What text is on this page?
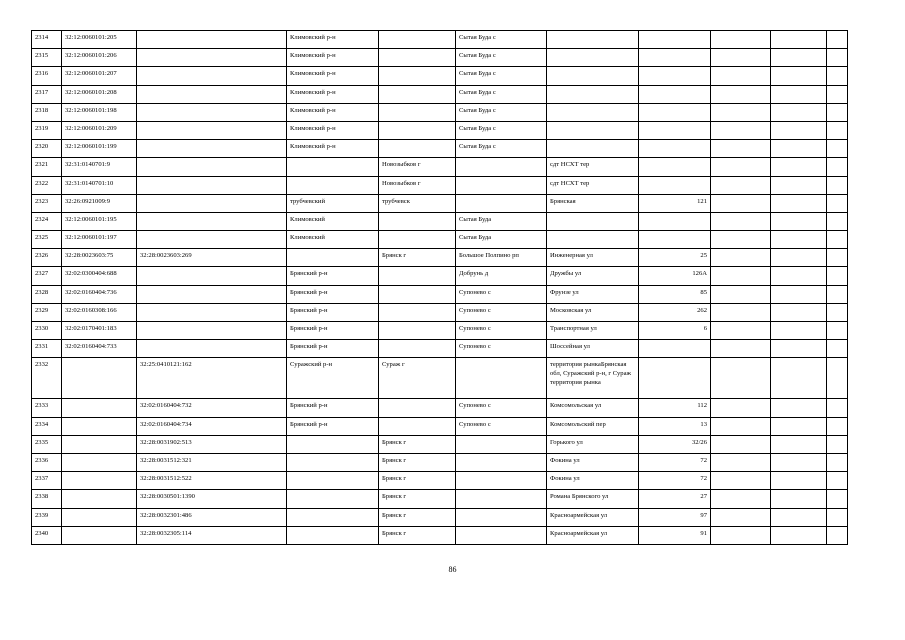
2314	32:12:0060101:205		Климовский р-н		Сытая Буда с					
2315	32:12:0060101:206		Климовский р-н		Сытая Буда с					
2316	32:12:0060101:207		Климовский р-н		Сытая Буда с					
2317	32:12:0060101:208		Климовский р-н		Сытая Буда с					
2318	32:12:0060101:198		Климовский р-н		Сытая Буда с					
2319	32:12:0060101:209		Климовский р-н		Сытая Буда с					
2320	32:12:0060101:199		Климовский р-н		Сытая Буда с					
2321	32:31:0140701:9			Новозыбков г		сдт НСХТ тер				
2322	32:31:0140701:10			Новозыбков г		сдт НСХТ тер				
2323	32:26:0921009:9		трубчевский	трубчевск		Брянская	121			
2324	32:12:0060101:195		Климовский		Сытая Буда					
2325	32:12:0060101:197		Климовский		Сытая Буда					
2326	32:28:0023603:75	32:28:0023603:269		Брянск г	Большое Полпино рп	Инженерная ул	25			
2327	32:02:0300404:688		Брянский р-н		Добрунь д	Дружбы ул	126А			
2328	32:02:0160404:736		Брянский р-н		Супонево с	Фрунзе ул	85			
2329	32:02:0160308:166		Брянский р-н		Супонево с	Московская ул	262			
2330	32:02:0170401:183		Брянский р-н		Супонево с	Транспортная ул	6			
2331	32:02:0160404:733		Брянский р-н		Супонево с	Шоссейная ул				
2332		32:25:0410121:162	Суражский р-н	Сураж г		территория рынкаБрянская обл, Суражский р-н, г Сураж территория рынка				
2333		32:02:0160404:732	Брянский р-н		Супонево с	Комсомольская ул	112			
2334		32:02:0160404:734	Брянский р-н		Супонево с	Комсомольский пер	13			
2335		32:28:0031902:513		Брянск г		Горького ул	32/26			
2336		32:28:0031512:321		Брянск г		Фокина ул	72			
2337		32:28:0031512:522		Брянск г		Фокина ул	72			
2338		32:28:0030501:1390		Брянск г		Романа Брянского ул	27			
2339		32:28:0032301:486		Брянск г		Красноармейская ул	97			
2340		32:28:0032305:114		Брянск г		Красноармейская ул	91			
86
